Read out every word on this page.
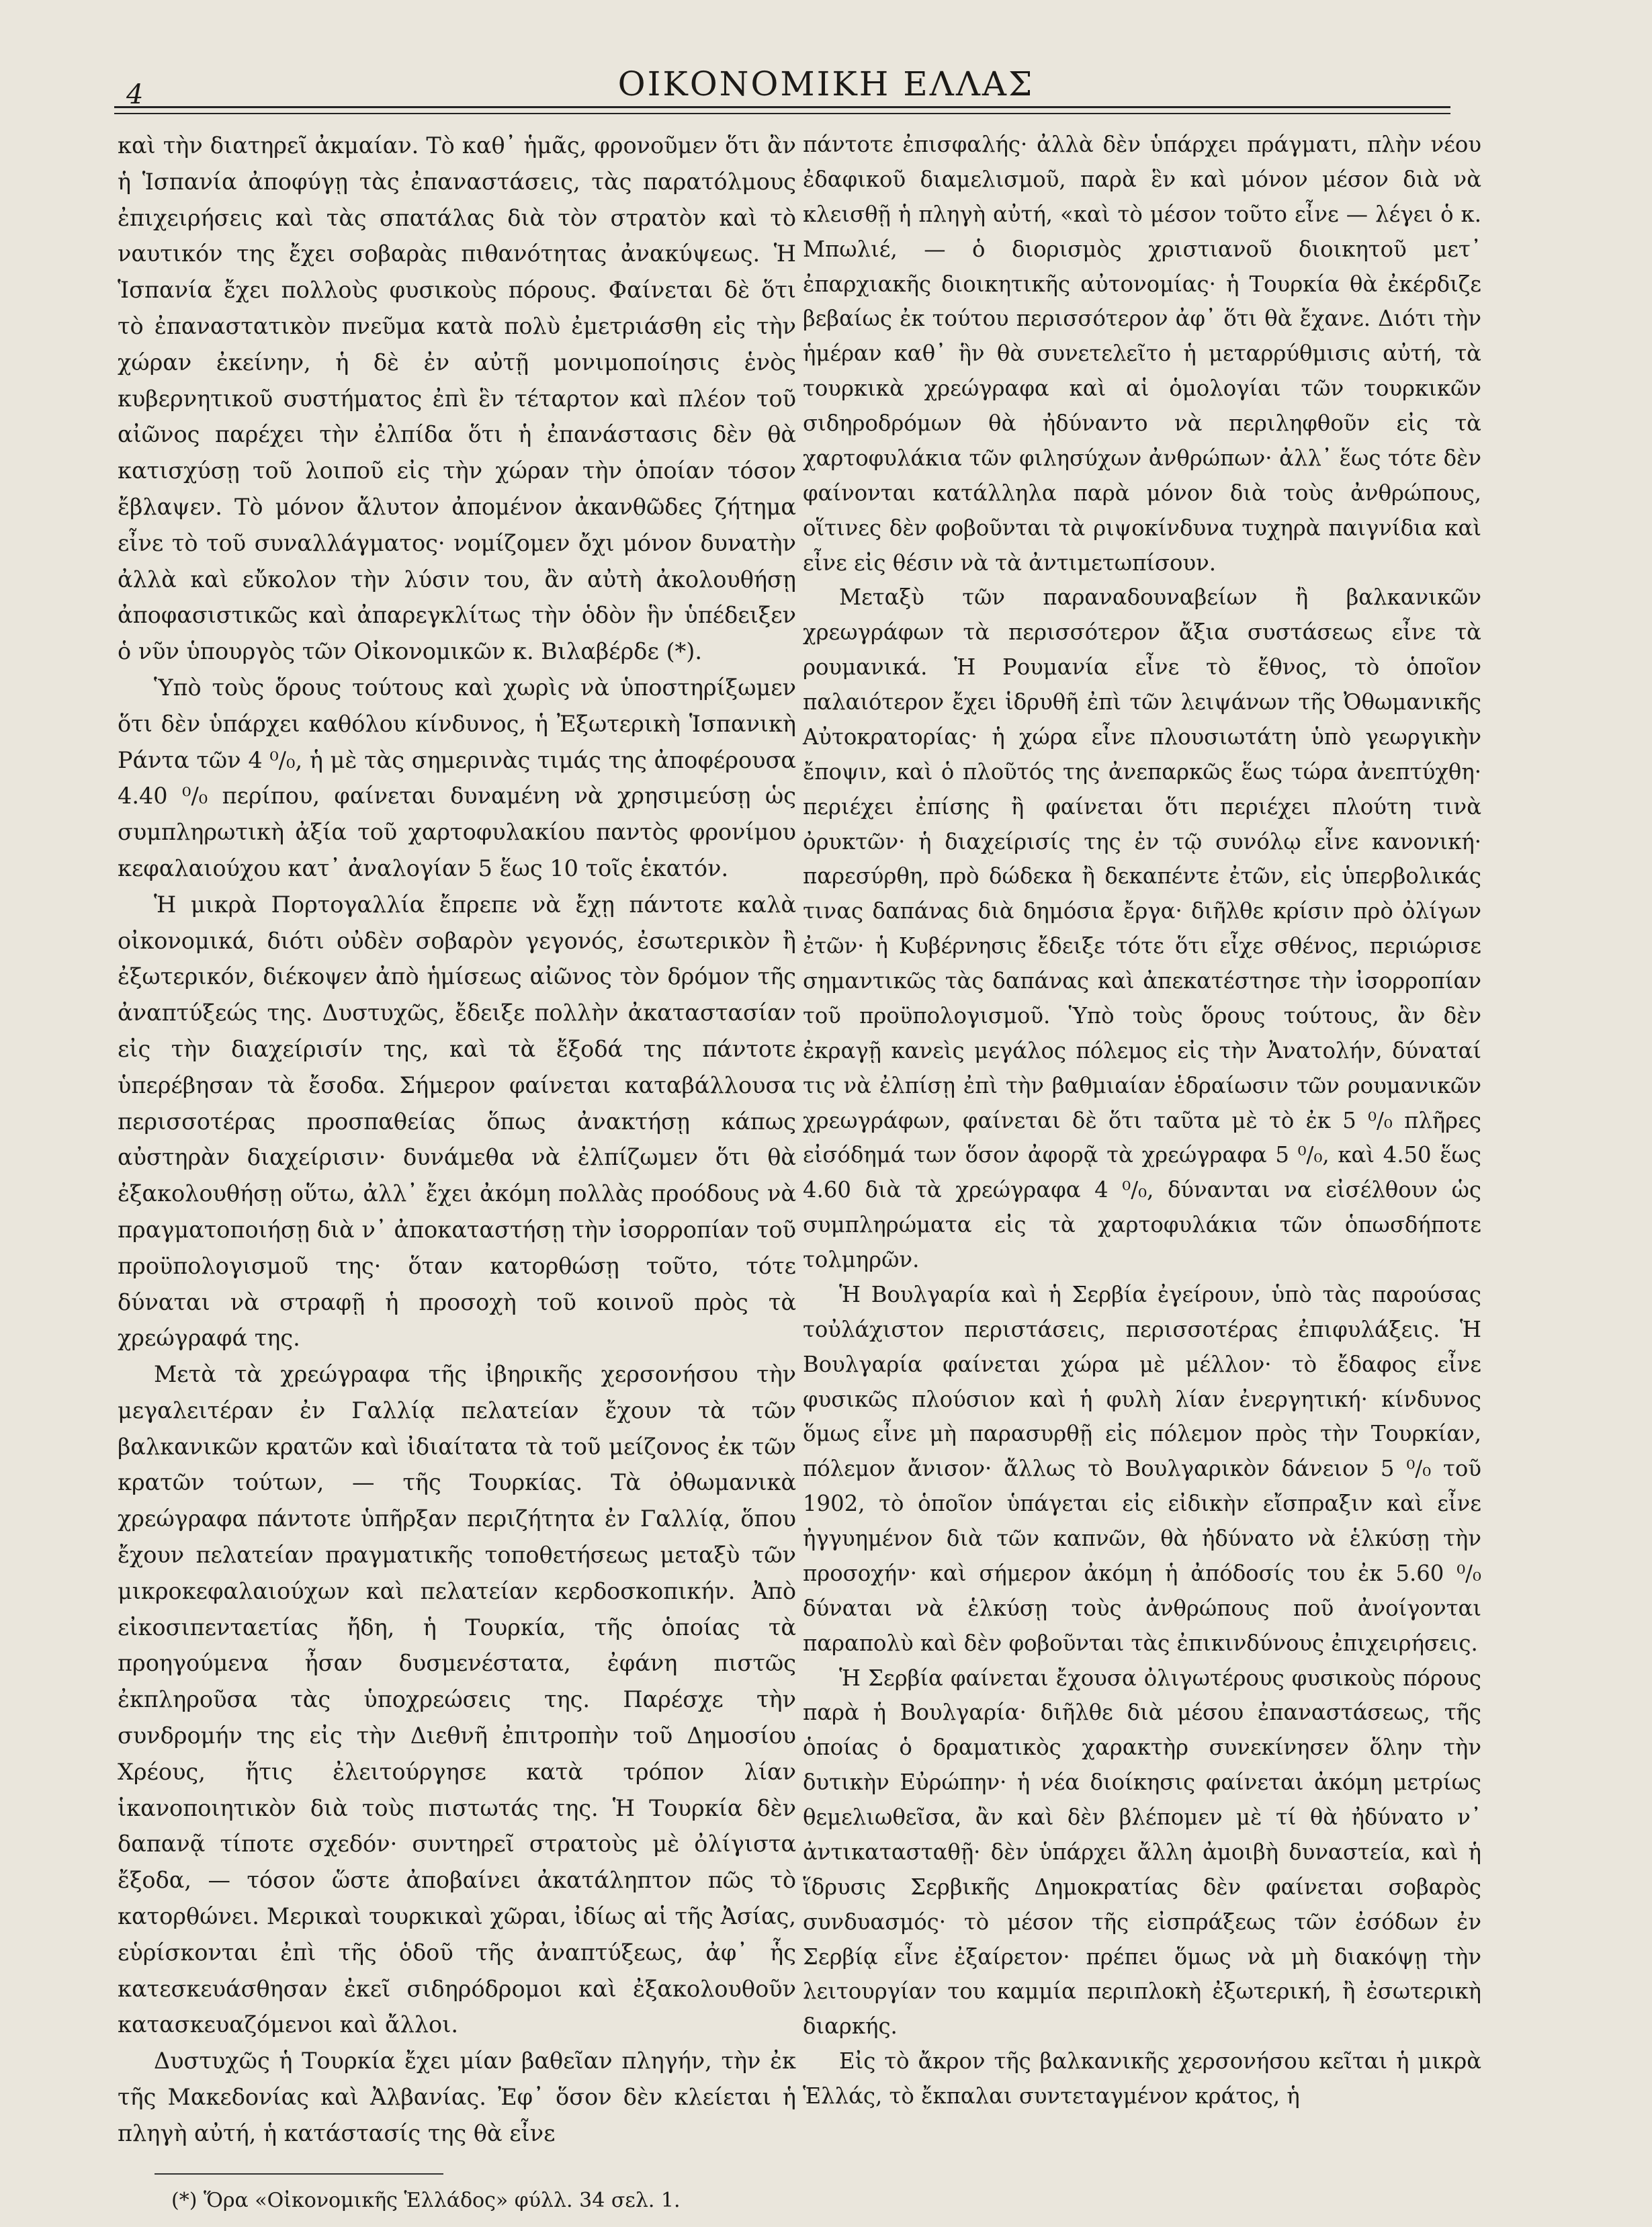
4	ΟΙΚΟΝΟΜΙΚΗ ΕΛΛΑΣ

καὶ τὴν διατηρεῖ ἀκμαίαν. Τὸ καθ᾽ ἡμᾶς, φρονοῦμεν ὅτι ἂν ἡ Ἱσπανία ἀποφύγῃ τὰς ἐπαναστάσεις, τὰς παρατόλμους ἐπιχειρήσεις καὶ τὰς σπατάλας διὰ τὸν στρατὸν καὶ τὸ ναυτικόν της ἔχει σοβαρὰς πιθανότητας ἀνακύψεως. Ἡ Ἱσπανία ἔχει πολλοὺς φυσικοὺς πόρους. Φαίνεται δὲ ὅτι τὸ ἐπαναστατικὸν πνεῦμα κατὰ πολὺ ἐμετριάσθη εἰς τὴν χώραν ἐκείνην, ἡ δὲ ἐν αὐτῇ μονιμοποίησις ἑνὸς κυβερνητικοῦ συστήματος ἐπὶ ἓν τέταρτον καὶ πλέον τοῦ αἰῶνος παρέχει τὴν ἐλπίδα ὅτι ἡ ἐπανάστασις δὲν θὰ κατισχύσῃ τοῦ λοιποῦ εἰς τὴν χώραν τὴν ὁποίαν τόσον ἔβλαψεν. Τὸ μόνον ἄλυτον ἀπομένον ἀκανθῶδες ζήτημα εἶνε τὸ τοῦ συναλλάγματος· νομίζομεν ὄχι μόνον δυνατὴν ἀλλὰ καὶ εὔκολον τὴν λύσιν του, ἂν αὐτὴ ἀκολουθήσῃ ἀποφασιστικῶς καὶ ἀπαρεγκλίτως τὴν ὁδὸν ἣν ὑπέδειξεν ὁ νῦν ὑπουργὸς τῶν Οἰκονομικῶν κ. Βιλαβέρδε (*).

Ὑπὸ τοὺς ὅρους τούτους καὶ χωρὶς νὰ ὑποστηρίξωμεν ὅτι δὲν ὑπάρχει καθόλου κίνδυνος, ἡ Ἐξωτερικὴ Ἱσπανικὴ Ράντα τῶν 4 ⁰/₀, ἡ μὲ τὰς σημερινὰς τιμάς της ἀποφέρουσα 4.40 ⁰/₀ περίπου, φαίνεται δυναμένη νὰ χρησιμεύσῃ ὡς συμπληρωτικὴ ἀξία τοῦ χαρτοφυλακίου παντὸς φρονίμου κεφαλαιούχου κατ᾽ ἀναλογίαν 5 ἕως 10 τοῖς ἑκατόν.

Ἡ μικρὰ Πορτογαλλία ἔπρεπε νὰ ἔχῃ πάντοτε καλὰ οἰκονομικά, διότι οὐδὲν σοβαρὸν γεγονός, ἐσωτερικὸν ἢ ἐξωτερικόν, διέκοψεν ἀπὸ ἡμίσεως αἰῶνος τὸν δρόμον τῆς ἀναπτύξεώς της. Δυστυχῶς, ἔδειξε πολλὴν ἀκαταστασίαν εἰς τὴν διαχείρισίν της, καὶ τὰ ἔξοδά της πάντοτε ὑπερέβησαν τὰ ἔσοδα. Σήμερον φαίνεται καταβάλλουσα περισσοτέρας προσπαθείας ὅπως ἀνακτήσῃ κάπως αὐστηρὰν διαχείρισιν· δυνάμεθα νὰ ἐλπίζωμεν ὅτι θὰ ἐξακολουθήσῃ οὕτω, ἀλλ᾽ ἔχει ἀκόμη πολλὰς προόδους νὰ πραγματοποιήσῃ διὰ ν᾽ ἀποκαταστήσῃ τὴν ἰσορροπίαν τοῦ προϋπολογισμοῦ της· ὅταν κατορθώσῃ τοῦτο, τότε δύναται νὰ στραφῇ ἡ προσοχὴ τοῦ κοινοῦ πρὸς τὰ χρεώγραφά της.

Μετὰ τὰ χρεώγραφα τῆς ἰβηρικῆς χερσονήσου τὴν μεγαλειτέραν ἐν Γαλλίᾳ πελατείαν ἔχουν τὰ τῶν βαλκανικῶν κρατῶν καὶ ἰδιαίτατα τὰ τοῦ μείζονος ἐκ τῶν κρατῶν τούτων, — τῆς Τουρκίας. Τὰ ὀθωμανικὰ χρεώγραφα πάντοτε ὑπῆρξαν περιζήτητα ἐν Γαλλίᾳ, ὅπου ἔχουν πελατείαν πραγματικῆς τοποθετήσεως μεταξὺ τῶν μικροκεφαλαιούχων καὶ πελατείαν κερδοσκοπικήν. Ἀπὸ εἰκοσιπενταετίας ἤδη, ἡ Τουρκία, τῆς ὁποίας τὰ προηγούμενα ἦσαν δυσμενέστατα, ἐφάνη πιστῶς ἐκπληροῦσα τὰς ὑποχρεώσεις της. Παρέσχε τὴν συνδρομήν της εἰς τὴν Διεθνῆ ἐπιτροπὴν τοῦ Δημοσίου Χρέους, ἥτις ἐλειτούργησε κατὰ τρόπον λίαν ἱκανοποιητικὸν διὰ τοὺς πιστωτάς της. Ἡ Τουρκία δὲν δαπανᾷ τίποτε σχεδόν· συντηρεῖ στρατοὺς μὲ ὀλίγιστα ἔξοδα, — τόσον ὥστε ἀποβαίνει ἀκατάληπτον πῶς τὸ κατορθώνει. Μερικαὶ τουρκικαὶ χῶραι, ἰδίως αἱ τῆς Ἀσίας, εὑρίσκονται ἐπὶ τῆς ὁδοῦ τῆς ἀναπτύξεως, ἀφ᾽ ἧς κατεσκευάσθησαν ἐκεῖ σιδηρόδρομοι καὶ ἐξακολουθοῦν κατασκευαζόμενοι καὶ ἄλλοι.

Δυστυχῶς ἡ Τουρκία ἔχει μίαν βαθεῖαν πληγήν, τὴν ἐκ τῆς Μακεδονίας καὶ Ἀλβανίας. Ἐφ᾽ ὅσον δὲν κλείεται ἡ πληγὴ αὐτή, ἡ κατάστασίς της θὰ εἶνε

πάντοτε ἐπισφαλής· ἀλλὰ δὲν ὑπάρχει πράγματι, πλὴν νέου ἐδαφικοῦ διαμελισμοῦ, παρὰ ἓν καὶ μόνον μέσον διὰ νὰ κλεισθῇ ἡ πληγὴ αὐτή, «καὶ τὸ μέσον τοῦτο εἶνε — λέγει ὁ κ. Μπωλιέ, — ὁ διορισμὸς χριστιανοῦ διοικητοῦ μετ᾽ ἐπαρχιακῆς διοικητικῆς αὐτονομίας· ἡ Τουρκία θὰ ἐκέρδιζε βεβαίως ἐκ τούτου περισσότερον ἀφ᾽ ὅτι θὰ ἔχανε. Διότι τὴν ἡμέραν καθ᾽ ἣν θὰ συνετελεῖτο ἡ μεταρρύθμισις αὐτή, τὰ τουρκικὰ χρεώγραφα καὶ αἱ ὁμολογίαι τῶν τουρκικῶν σιδηροδρόμων θὰ ἠδύναντο νὰ περιληφθοῦν εἰς τὰ χαρτοφυλάκια τῶν φιλησύχων ἀνθρώπων· ἀλλ᾽ ἕως τότε δὲν φαίνονται κατάλληλα παρὰ μόνον διὰ τοὺς ἀνθρώπους, οἵτινες δὲν φοβοῦνται τὰ ριψοκίνδυνα τυχηρὰ παιγνίδια καὶ εἶνε εἰς θέσιν νὰ τὰ ἀντιμετωπίσουν.

Μεταξὺ τῶν παραναδουναβείων ἢ βαλκανικῶν χρεωγράφων τὰ περισσότερον ἄξια συστάσεως εἶνε τὰ ρουμανικά. Ἡ Ρουμανία εἶνε τὸ ἔθνος, τὸ ὁποῖον παλαιότερον ἔχει ἱδρυθῆ ἐπὶ τῶν λειψάνων τῆς Ὀθωμανικῆς Αὐτοκρατορίας· ἡ χώρα εἶνε πλουσιωτάτη ὑπὸ γεωργικὴν ἔποψιν, καὶ ὁ πλοῦτός της ἀνεπαρκῶς ἕως τώρα ἀνεπτύχθη· περιέχει ἐπίσης ἢ φαίνεται ὅτι περιέχει πλούτη τινὰ ὀρυκτῶν· ἡ διαχείρισίς της ἐν τῷ συνόλῳ εἶνε κανονική· παρεσύρθη, πρὸ δώδεκα ἢ δεκαπέντε ἐτῶν, εἰς ὑπερβολικάς τινας δαπάνας διὰ δημόσια ἔργα· διῆλθε κρίσιν πρὸ ὀλίγων ἐτῶν· ἡ Κυβέρνησις ἔδειξε τότε ὅτι εἶχε σθένος, περιώρισε σημαντικῶς τὰς δαπάνας καὶ ἀπεκατέστησε τὴν ἰσορροπίαν τοῦ προϋπολογισμοῦ. Ὑπὸ τοὺς ὅρους τούτους, ἂν δὲν ἐκραγῇ κανεὶς μεγάλος πόλεμος εἰς τὴν Ἀνατολήν, δύναταί τις νὰ ἐλπίσῃ ἐπὶ τὴν βαθμιαίαν ἑδραίωσιν τῶν ρουμανικῶν χρεωγράφων, φαίνεται δὲ ὅτι ταῦτα μὲ τὸ ἐκ 5 ⁰/₀ πλῆρες εἰσόδημά των ὅσον ἀφορᾷ τὰ χρεώγραφα 5 ⁰/₀, καὶ 4.50 ἕως 4.60 διὰ τὰ χρεώγραφα 4 ⁰/₀, δύνανται να εἰσέλθουν ὡς συμπληρώματα εἰς τὰ χαρτοφυλάκια τῶν ὁπωσδήποτε τολμηρῶν.

Ἡ Βουλγαρία καὶ ἡ Σερβία ἐγείρουν, ὑπὸ τὰς παρούσας τοὐλάχιστον περιστάσεις, περισσοτέρας ἐπιφυλάξεις. Ἡ Βουλγαρία φαίνεται χώρα μὲ μέλλον· τὸ ἔδαφος εἶνε φυσικῶς πλούσιον καὶ ἡ φυλὴ λίαν ἐνεργητική· κίνδυνος ὅμως εἶνε μὴ παρασυρθῇ εἰς πόλεμον πρὸς τὴν Τουρκίαν, πόλεμον ἄνισον· ἄλλως τὸ Βουλγαρικὸν δάνειον 5 ⁰/₀ τοῦ 1902, τὸ ὁποῖον ὑπάγεται εἰς εἰδικὴν εἴσπραξιν καὶ εἶνε ἠγγυημένον διὰ τῶν καπνῶν, θὰ ἠδύνατο νὰ ἑλκύσῃ τὴν προσοχήν· καὶ σήμερον ἀκόμη ἡ ἀπόδοσίς του ἐκ 5.60 ⁰/₀ δύναται νὰ ἑλκύσῃ τοὺς ἀνθρώπους ποῦ ἀνοίγονται παραπολὺ καὶ δὲν φοβοῦνται τὰς ἐπικινδύνους ἐπιχειρήσεις.

Ἡ Σερβία φαίνεται ἔχουσα ὀλιγωτέρους φυσικοὺς πόρους παρὰ ἡ Βουλγαρία· διῆλθε διὰ μέσου ἐπαναστάσεως, τῆς ὁποίας ὁ δραματικὸς χαρακτὴρ συνεκίνησεν ὅλην τὴν δυτικὴν Εὐρώπην· ἡ νέα διοίκησις φαίνεται ἀκόμη μετρίως θεμελιωθεῖσα, ἂν καὶ δὲν βλέπομεν μὲ τί θὰ ἠδύνατο ν᾽ ἀντικατασταθῇ· δὲν ὑπάρχει ἄλλη ἀμοιβὴ δυναστεία, καὶ ἡ ἵδρυσις Σερβικῆς Δημοκρατίας δὲν φαίνεται σοβαρὸς συνδυασμός· τὸ μέσον τῆς εἰσπράξεως τῶν ἐσόδων ἐν Σερβίᾳ εἶνε ἐξαίρετον· πρέπει ὅμως νὰ μὴ διακόψῃ τὴν λειτουργίαν του καμμία περιπλοκὴ ἐξωτερική, ἢ ἐσωτερικὴ διαρκής.

Εἰς τὸ ἄκρον τῆς βαλκανικῆς χερσονήσου κεῖται ἡ μικρὰ Ἑλλάς, τὸ ἔκπαλαι συντεταγμένον κράτος, ἡ

(*) Ὅρα «Οἰκονομικῆς Ἑλλάδος» φύλλ. 34 σελ. 1.
